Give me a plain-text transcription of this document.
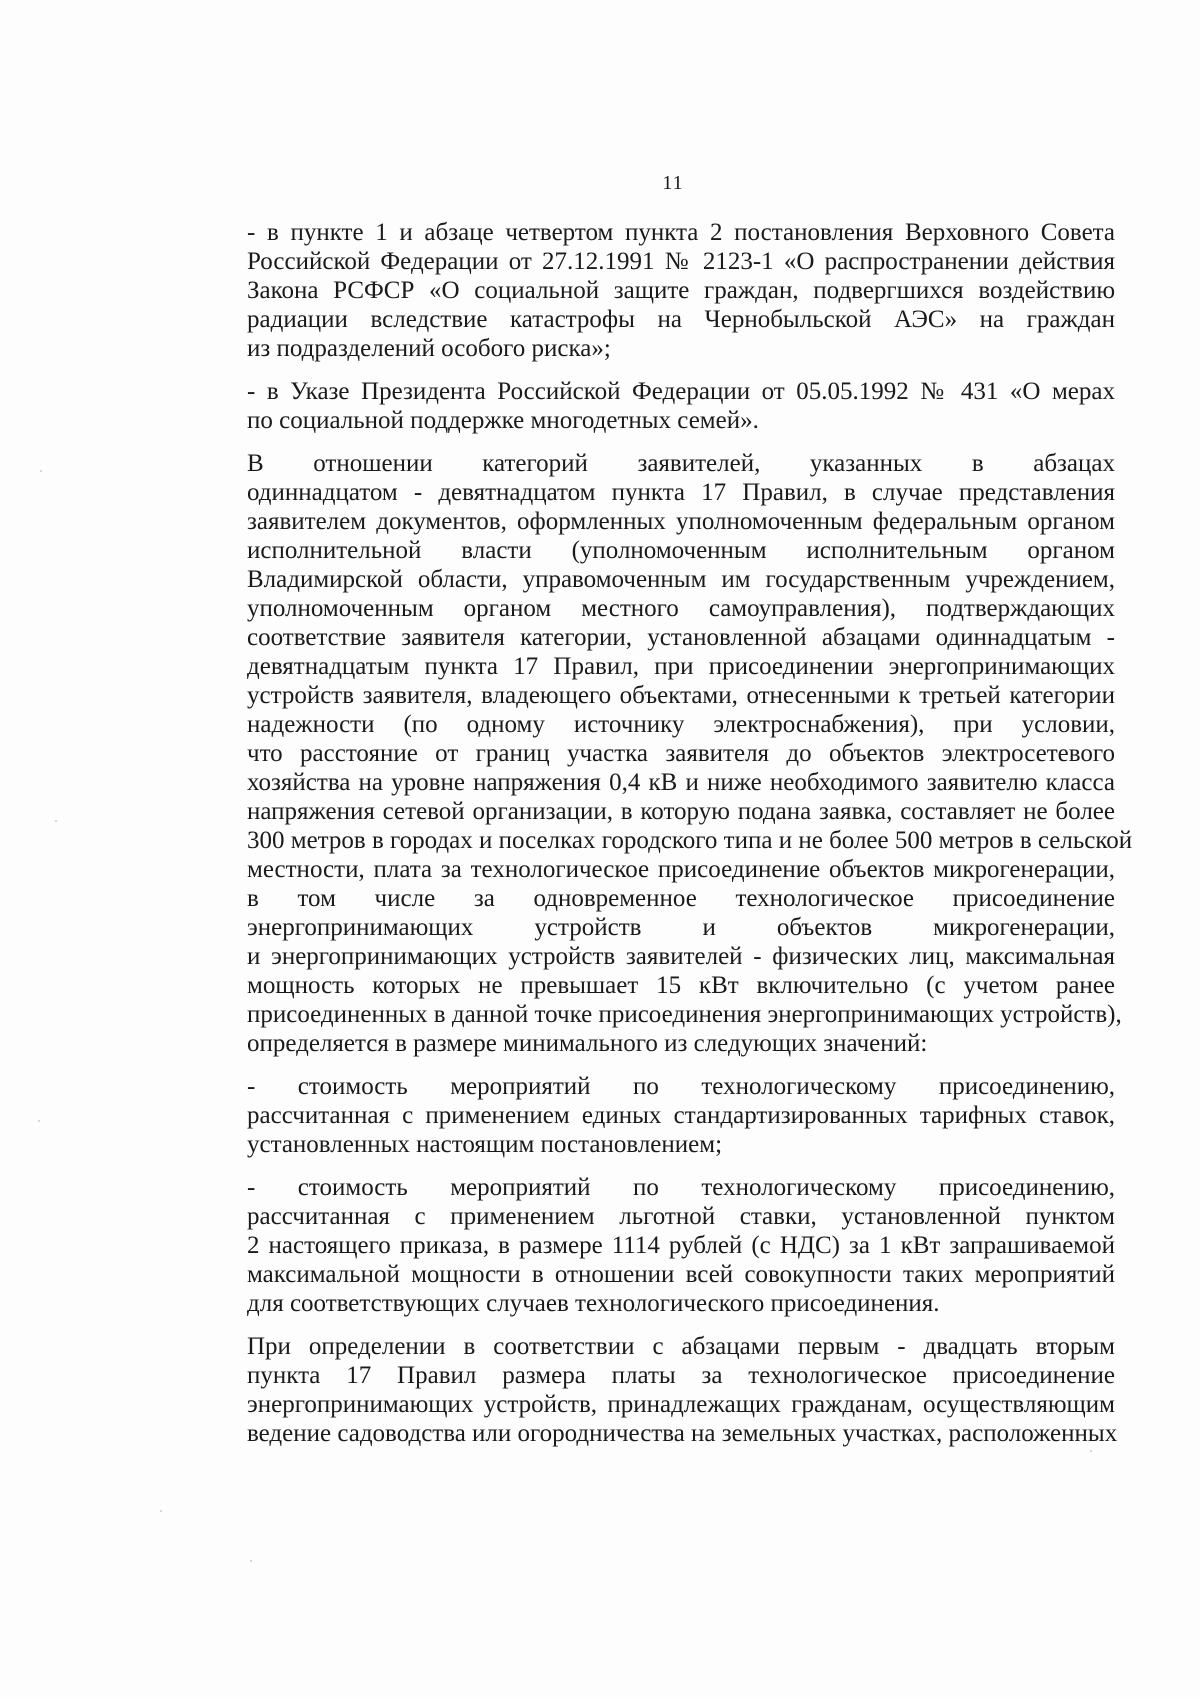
11
- в пункте 1 и абзаце четвертом пункта 2 постановления Верховного Совета
Российской Федерации от 27.12.1991 № 2123-1 «О распространении действия
Закона РСФСР «О социальной защите граждан, подвергшихся воздействию
радиации вследствие катастрофы на Чернобыльской АЭС» на граждан
из подразделений особого риска»;
- в Указе Президента Российской Федерации от 05.05.1992 № 431 «О мерах
по социальной поддержке многодетных семей».
В отношении категорий заявителей, указанных в абзацах
одиннадцатом - девятнадцатом пункта 17 Правил, в случае представления
заявителем документов, оформленных уполномоченным федеральным органом
исполнительной власти (уполномоченным исполнительным органом
Владимирской области, управомоченным им государственным учреждением,
уполномоченным органом местного самоуправления), подтверждающих
соответствие заявителя категории, установленной абзацами одиннадцатым -
девятнадцатым пункта 17 Правил, при присоединении энергопринимающих
устройств заявителя, владеющего объектами, отнесенными к третьей категории
надежности (по одному источнику электроснабжения), при условии,
что расстояние от границ участка заявителя до объектов электросетевого
хозяйства на уровне напряжения 0,4 кВ и ниже необходимого заявителю класса
напряжения сетевой организации, в которую подана заявка, составляет не более
300 метров в городах и поселках городского типа и не более 500 метров в сельской
местности, плата за технологическое присоединение объектов микрогенерации,
в том числе за одновременное технологическое присоединение
энергопринимающих устройств и объектов микрогенерации,
и энергопринимающих устройств заявителей - физических лиц, максимальная
мощность которых не превышает 15 кВт включительно (с учетом ранее
присоединенных в данной точке присоединения энергопринимающих устройств),
определяется в размере минимального из следующих значений:
- стоимость мероприятий по технологическому присоединению,
рассчитанная с применением единых стандартизированных тарифных ставок,
установленных настоящим постановлением;
- стоимость мероприятий по технологическому присоединению,
рассчитанная с применением льготной ставки, установленной пунктом
2 настоящего приказа, в размере 1114 рублей (с НДС) за 1 кВт запрашиваемой
максимальной мощности в отношении всей совокупности таких мероприятий
для соответствующих случаев технологического присоединения.
При определении в соответствии с абзацами первым - двадцать вторым
пункта 17 Правил размера платы за технологическое присоединение
энергопринимающих устройств, принадлежащих гражданам, осуществляющим
ведение садоводства или огородничества на земельных участках, расположенных
